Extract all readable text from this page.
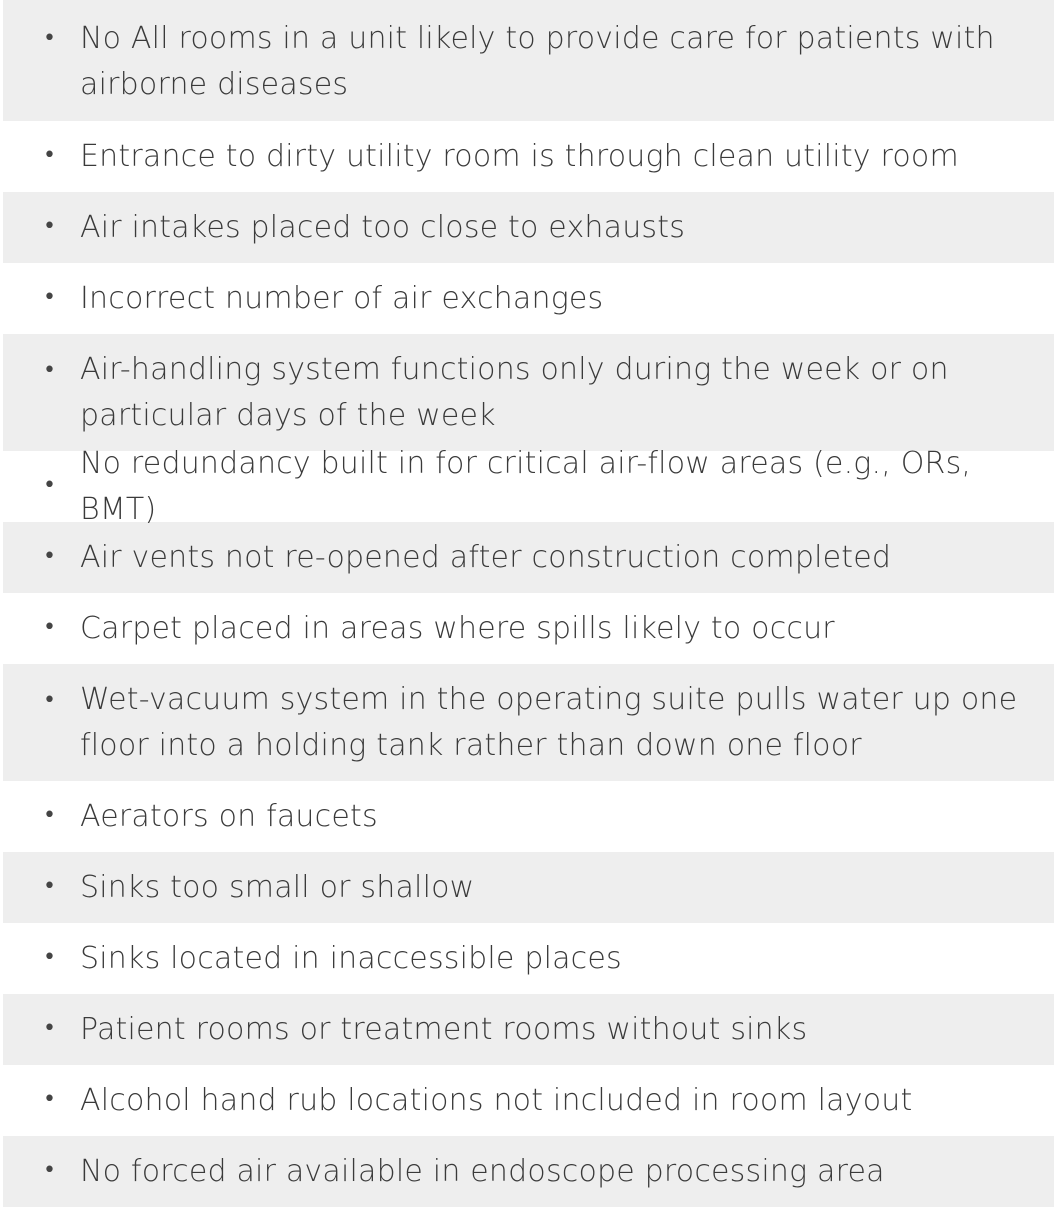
• No All rooms in a unit likely to provide care for patients with airborne diseases
• Entrance to dirty utility room is through clean utility room
• Air intakes placed too close to exhausts
• Incorrect number of air exchanges
• Air-handling system functions only during the week or on particular days of the week
•
No redundancy built in for critical air-flow areas (e.g., ORs, BMT)
• Air vents not re-opened after construction completed
• Carpet placed in areas where spills likely to occur
• Wet-vacuum system in the operating suite pulls water up one floor into a holding tank rather than down one floor
• Aerators on faucets
• Sinks too small or shallow
• Sinks located in inaccessible places
• Patient rooms or treatment rooms without sinks
• Alcohol hand rub locations not included in room layout
• No forced air available in endoscope processing area
